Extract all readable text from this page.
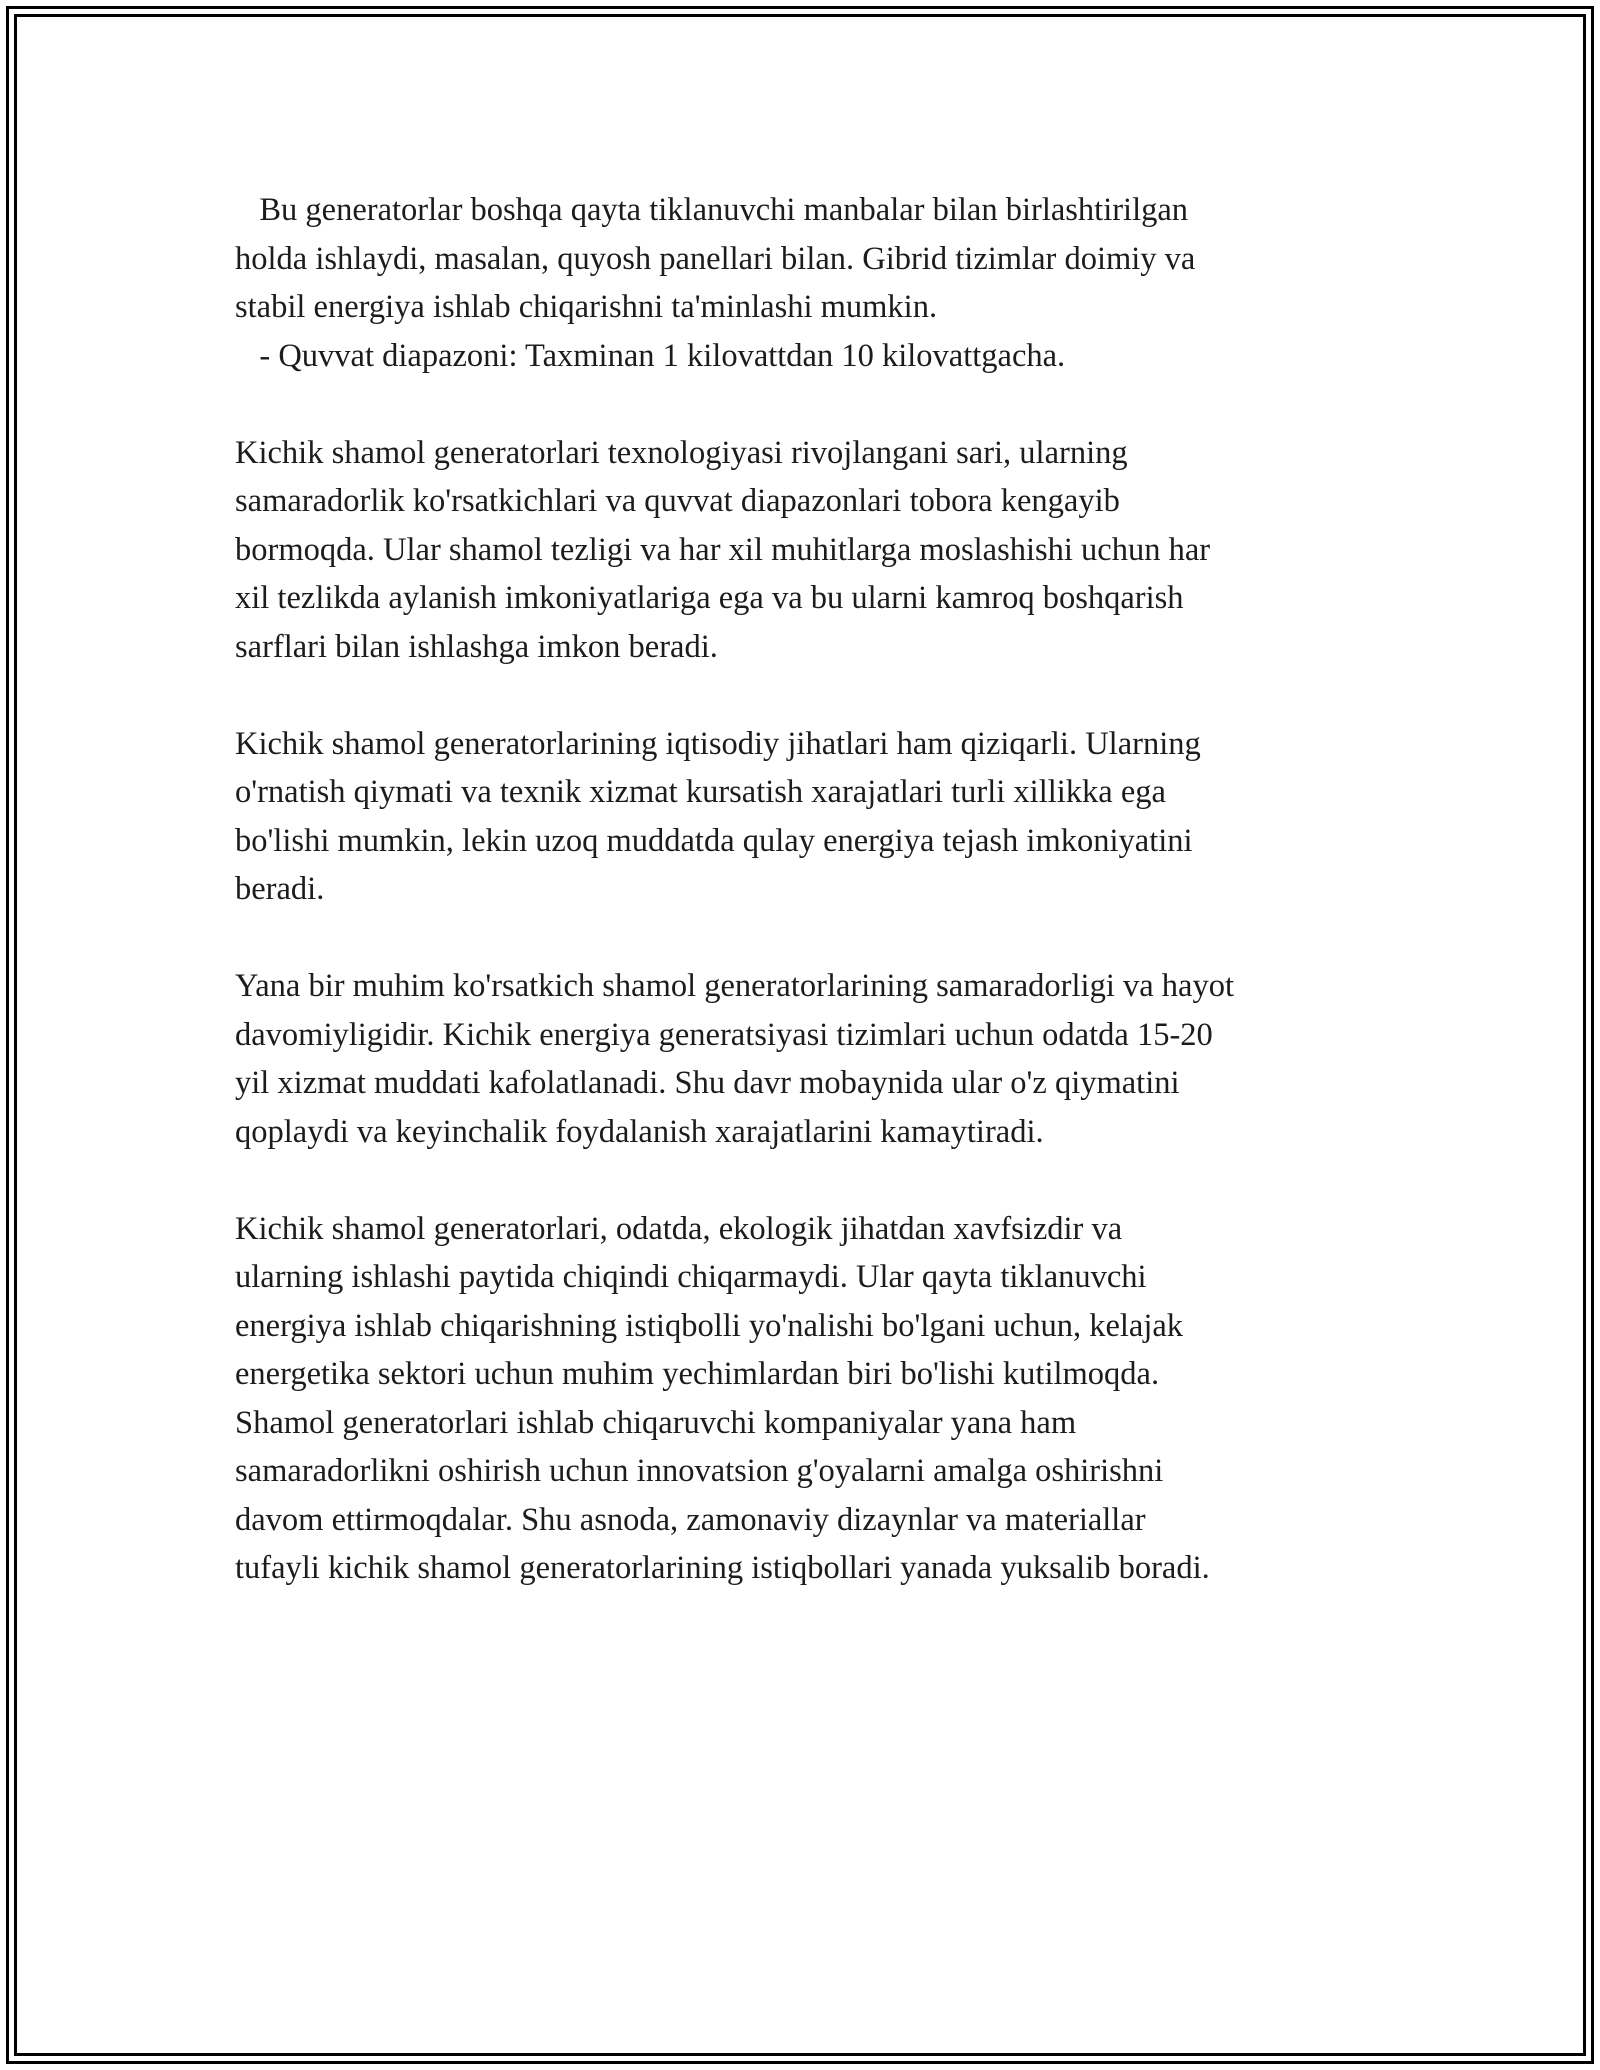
Bu generatorlar boshqa qayta tiklanuvchi manbalar bilan birlashtirilgan
holda ishlaydi, masalan, quyosh panellari bilan. Gibrid tizimlar doimiy va
stabil energiya ishlab chiqarishni ta'minlashi mumkin.
- Quvvat diapazoni: Taxminan 1 kilovattdan 10 kilovattgacha.

Kichik shamol generatorlari texnologiyasi rivojlangani sari, ularning
samaradorlik ko'rsatkichlari va quvvat diapazonlari tobora kengayib
bormoqda. Ular shamol tezligi va har xil muhitlarga moslashishi uchun har
xil tezlikda aylanish imkoniyatlariga ega va bu ularni kamroq boshqarish
sarflari bilan ishlashga imkon beradi.

Kichik shamol generatorlarining iqtisodiy jihatlari ham qiziqarli. Ularning
o'rnatish qiymati va texnik xizmat kursatish xarajatlari turli xillikka ega
bo'lishi mumkin, lekin uzoq muddatda qulay energiya tejash imkoniyatini
beradi.

Yana bir muhim ko'rsatkich shamol generatorlarining samaradorligi va hayot
davomiyligidir. Kichik energiya generatsiyasi tizimlari uchun odatda 15-20
yil xizmat muddati kafolatlanadi. Shu davr mobaynida ular o'z qiymatini
qoplaydi va keyinchalik foydalanish xarajatlarini kamaytiradi.

Kichik shamol generatorlari, odatda, ekologik jihatdan xavfsizdir va
ularning ishlashi paytida chiqindi chiqarmaydi. Ular qayta tiklanuvchi
energiya ishlab chiqarishning istiqbolli yo'nalishi bo'lgani uchun, kelajak
energetika sektori uchun muhim yechimlardan biri bo'lishi kutilmoqda.
Shamol generatorlari ishlab chiqaruvchi kompaniyalar yana ham
samaradorlikni oshirish uchun innovatsion g'oyalarni amalga oshirishni
davom ettirmoqdalar. Shu asnoda, zamonaviy dizaynlar va materiallar
tufayli kichik shamol generatorlarining istiqbollari yanada yuksalib boradi.
